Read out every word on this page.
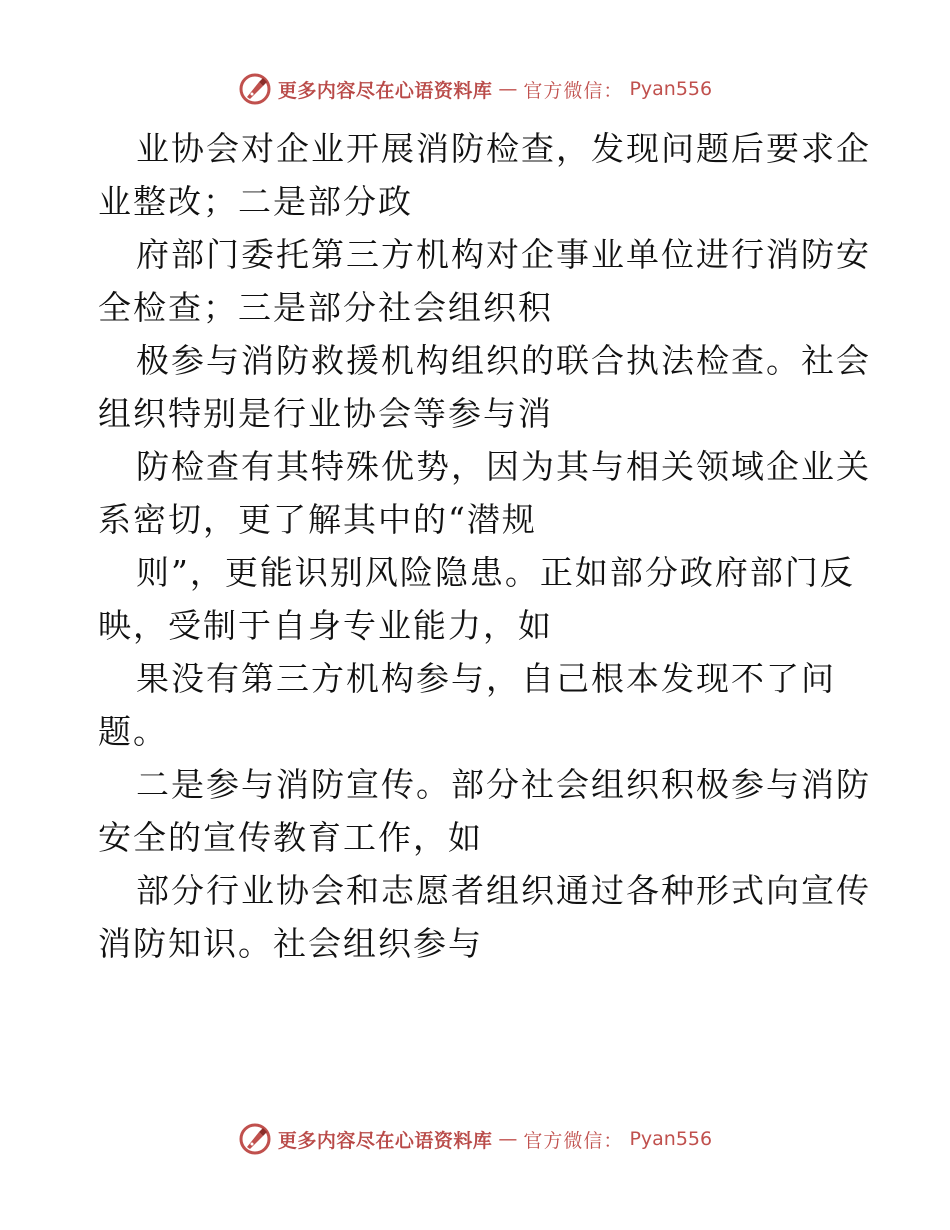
更多内容尽在心语资料库 — 官方微信： Pyan556
业协会对企业开展消防检查，发现问题后要求企
业整改；二是部分政
府部门委托第三方机构对企事业单位进行消防安
全检查；三是部分社会组织积
极参与消防救援机构组织的联合执法检查。社会
组织特别是行业协会等参与消
防检查有其特殊优势，因为其与相关领域企业关
系密切，更了解其中的“潜规
则”，更能识别风险隐患。正如部分政府部门反
映，受制于自身专业能力，如
果没有第三方机构参与，自己根本发现不了问
题。
二是参与消防宣传。部分社会组织积极参与消防
安全的宣传教育工作，如
部分行业协会和志愿者组织通过各种形式向宣传
消防知识。社会组织参与
更多内容尽在心语资料库 — 官方微信： Pyan556
